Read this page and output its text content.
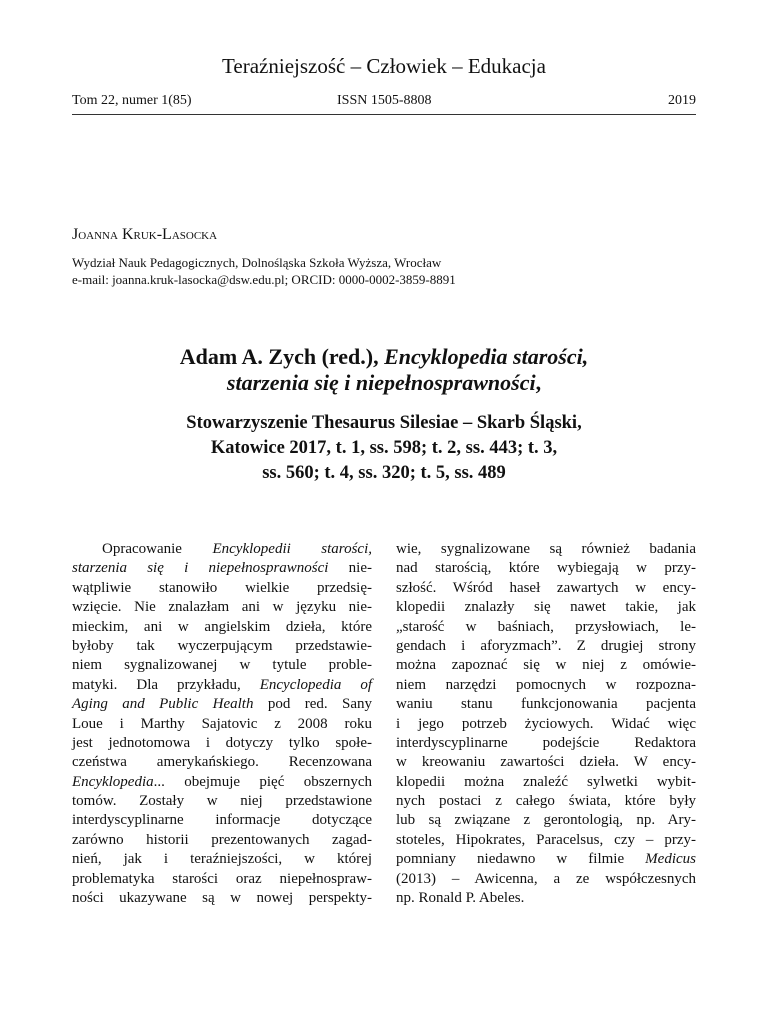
Teraźniejszość – Człowiek – Edukacja
Tom 22, numer 1(85)	ISSN 1505-8808	2019
Joanna Kruk-Lasocka
Wydział Nauk Pedagogicznych, Dolnośląska Szkoła Wyższa, Wrocław
e-mail: joanna.kruk-lasocka@dsw.edu.pl; ORCID: 0000-0002-3859-8891
Adam A. Zych (red.), Encyklopedia starości,
starzenia się i niepełnosprawności,
Stowarzyszenie Thesaurus Silesiae – Skarb Śląski,
Katowice 2017, t. 1, ss. 598; t. 2, ss. 443; t. 3,
ss. 560; t. 4, ss. 320; t. 5, ss. 489
Opracowanie Encyklopedii starości,
starzenia się i niepełnosprawności nie-
wątpliwie stanowiło wielkie przedsię-
wzięcie. Nie znalazłam ani w języku nie-
mieckim, ani w angielskim dzieła, które
byłoby tak wyczerpującym przedstawie-
niem sygnalizowanej w tytule proble-
matyki. Dla przykładu, Encyclopedia of
Aging and Public Health pod red. Sany
Loue i Marthy Sajatovic z 2008 roku
jest jednotomowa i dotyczy tylko społe-
czeństwa amerykańskiego. Recenzowana
Encyklopedia... obejmuje pięć obszernych
tomów. Zostały w niej przedstawione
interdyscyplinarne informacje dotyczące
zarówno historii prezentowanych zagad-
nień, jak i teraźniejszości, w której
problematyka starości oraz niepełnospraw-
ności ukazywane są w nowej perspekty-
wie, sygnalizowane są również badania
nad starością, które wybiegają w przy-
szłość. Wśród haseł zawartych w ency-
klopedii znalazły się nawet takie, jak
„starość w baśniach, przysłowiach, le-
gendach i aforyzmach”. Z drugiej strony
można zapoznać się w niej z omówie-
niem narzędzi pomocnych w rozpozna-
waniu stanu funkcjonowania pacjenta
i jego potrzeb życiowych. Widać więc
interdyscyplinarne podejście Redaktora
w kreowaniu zawartości dzieła. W ency-
klopedii można znaleźć sylwetki wybit-
nych postaci z całego świata, które były
lub są związane z gerontologią, np. Ary-
stoteles, Hipokrates, Paracelsus, czy – przy-
pomniany niedawno w filmie Medicus
(2013) – Awicenna, a ze współczesnych
np. Ronald P. Abeles.
